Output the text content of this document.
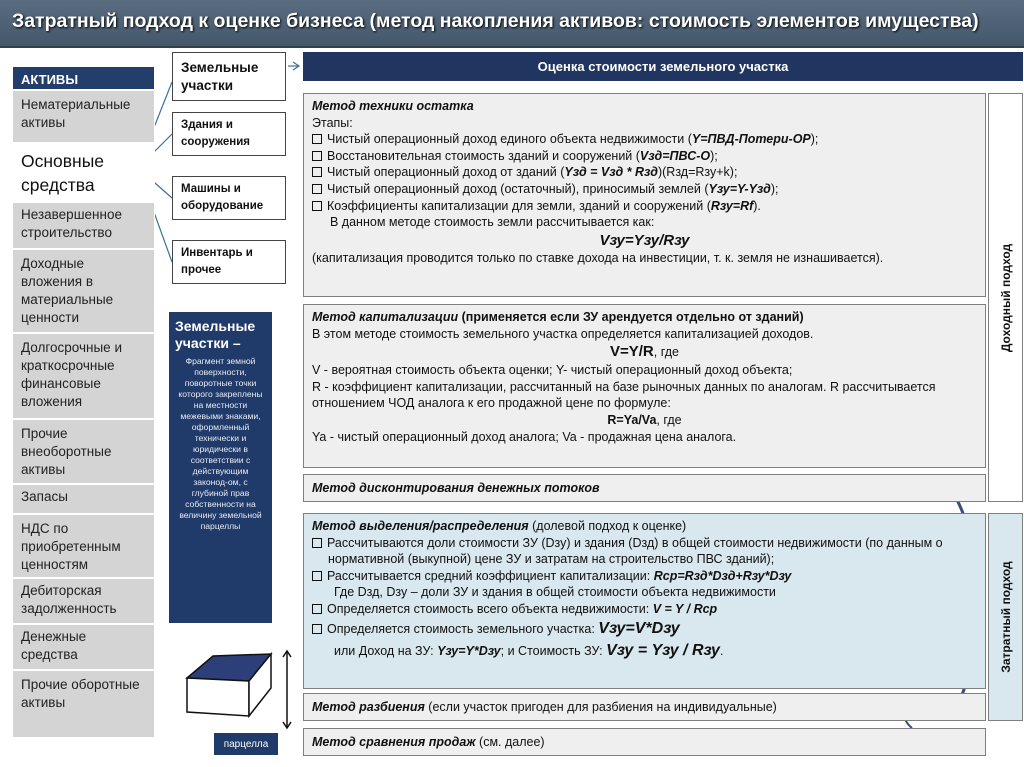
Затратный подход к оценке бизнеса (метод накопления активов: стоимость элементов имущества)
АКТИВЫ
Нематериальные активы
Основные средства
Незавершенное строительство
Доходные вложения в материальные ценности
Долгосрочные и краткосрочные финансовые вложения
Прочие внеоборотные активы
Запасы
НДС по приобретенным ценностям
Дебиторская задолженность
Денежные средства
Прочие оборотные активы
Земельные участки
Здания и сооружения
Машины и оборудование
Инвентарь и прочее
Земельные участки –
Фрагмент земной поверхности, поворотные точки которого закреплены на местности межевыми знаками, оформленный технически и юридически в соответствии с действующим законод-ом, с глубиной прав собственности на величину земельной парцеллы
парцелла
Оценка стоимости земельного участка
Метод техники остатка
Этапы:
Чистый операционный доход единого объекта недвижимости (Y=ПВД-Потери-ОР);
Восстановительная стоимость зданий и сооружений (Vзд=ПВС-О);
Чистый операционный доход от зданий (Yзд = Vзд * Rзд)(Rзд=Rзу+k);
Чистый операционный доход (остаточный), приносимый землей (Yзу=Y-Yзд);
Коэффициенты капитализации для земли, зданий и сооружений (Rзу=Rf).
В данном методе стоимость земли рассчитывается как:
Vзу=Yзу/Rзу
(капитализация проводится только по ставке дохода на инвестиции, т. к. земля не изнашивается).
Метод капитализации (применяется если ЗУ арендуется отдельно от зданий)
В этом методе стоимость земельного участка определяется капитализацией доходов.
V=Y/R, где
V - вероятная стоимость объекта оценки; Y- чистый операционный доход объекта;
R - коэффициент капитализации, рассчитанный на базе рыночных данных по аналогам. R рассчитывается отношением ЧОД аналога к его продажной цене по формуле:
R=Ya/Va, где
Ya - чистый операционный доход аналога; Va - продажная цена аналога.
Метод дисконтирования денежных потоков
Метод выделения/распределения (долевой подход к оценке)
Рассчитываются доли стоимости ЗУ (Dзу) и здания (Dзд) в общей стоимости недвижимости (по данным о нормативной (выкупной) цене ЗУ и затратам на строительство ПВС зданий);
Рассчитывается средний коэффициент капитализации: Rср=Rзд*Dзд+Rзу*Dзу
Где Dзд, Dзу – доли ЗУ и здания в общей стоимости объекта недвижимости
Определяется стоимость всего объекта недвижимости: V = Y / Rср
Определяется стоимость земельного участка: Vзу=V*Dзу
или Доход на ЗУ: Yзу=Y*Dзу; и Стоимость ЗУ: Vзу = Yзу / Rзу.
Метод разбиения (если участок пригоден для разбиения на индивидуальные)
Метод сравнения продаж (см. далее)
Доходный подход
Затратный подход
